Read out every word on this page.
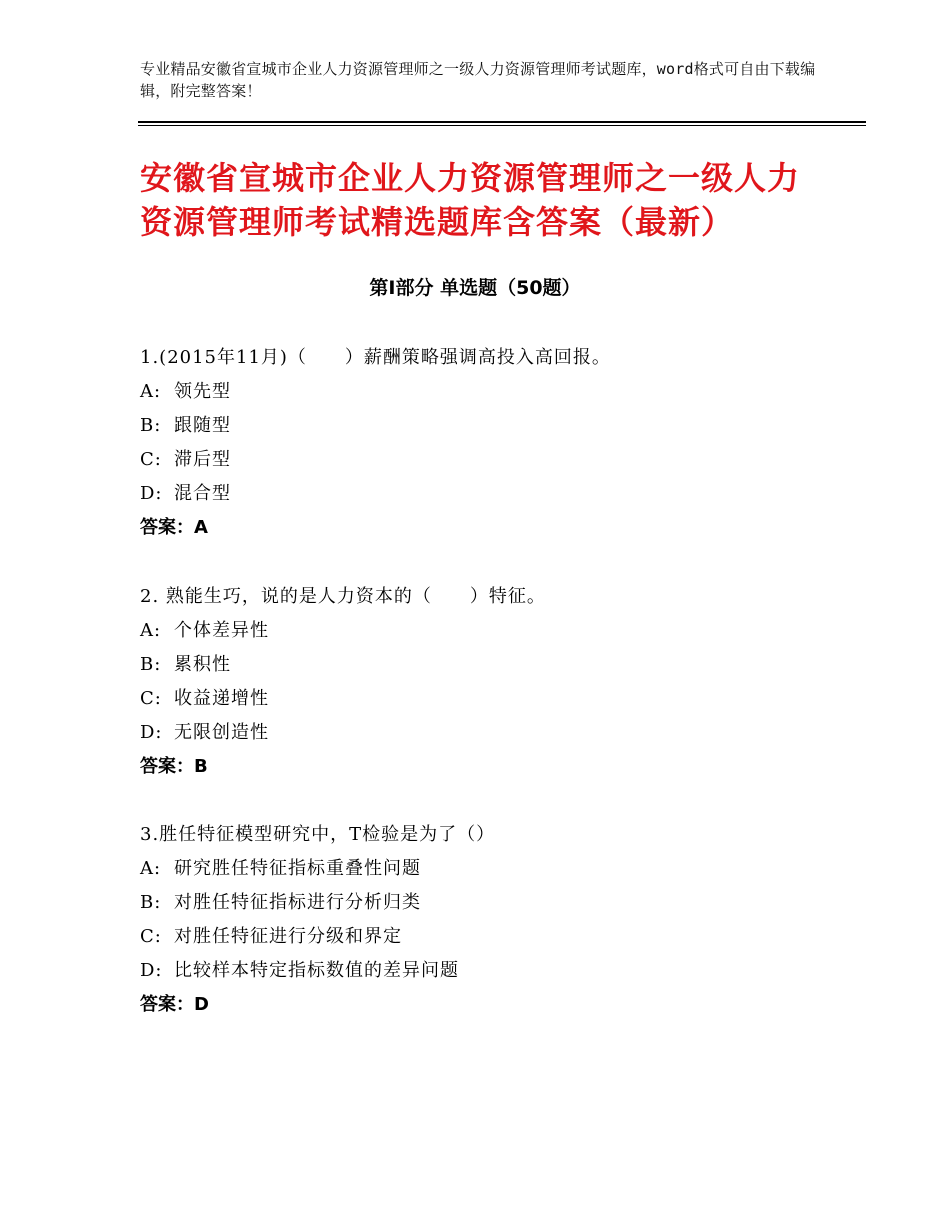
专业精品安徽省宣城市企业人力资源管理师之一级人力资源管理师考试题库，word格式可自由下载编辑，附完整答案！
安徽省宣城市企业人力资源管理师之一级人力资源管理师考试精选题库含答案（最新）
第Ⅰ部分 单选题（50题）
1.(2015年11月)（　　）薪酬策略强调高投入高回报。
A: 领先型
B: 跟随型
C: 滞后型
D: 混合型
答案：A
2. 熟能生巧，说的是人力资本的（　　）特征。
A: 个体差异性
B: 累积性
C: 收益递增性
D: 无限创造性
答案：B
3.胜任特征模型研究中，T检验是为了（）
A: 研究胜任特征指标重叠性问题
B: 对胜任特征指标进行分析归类
C: 对胜任特征进行分级和界定
D: 比较样本特定指标数值的差异问题
答案：D
